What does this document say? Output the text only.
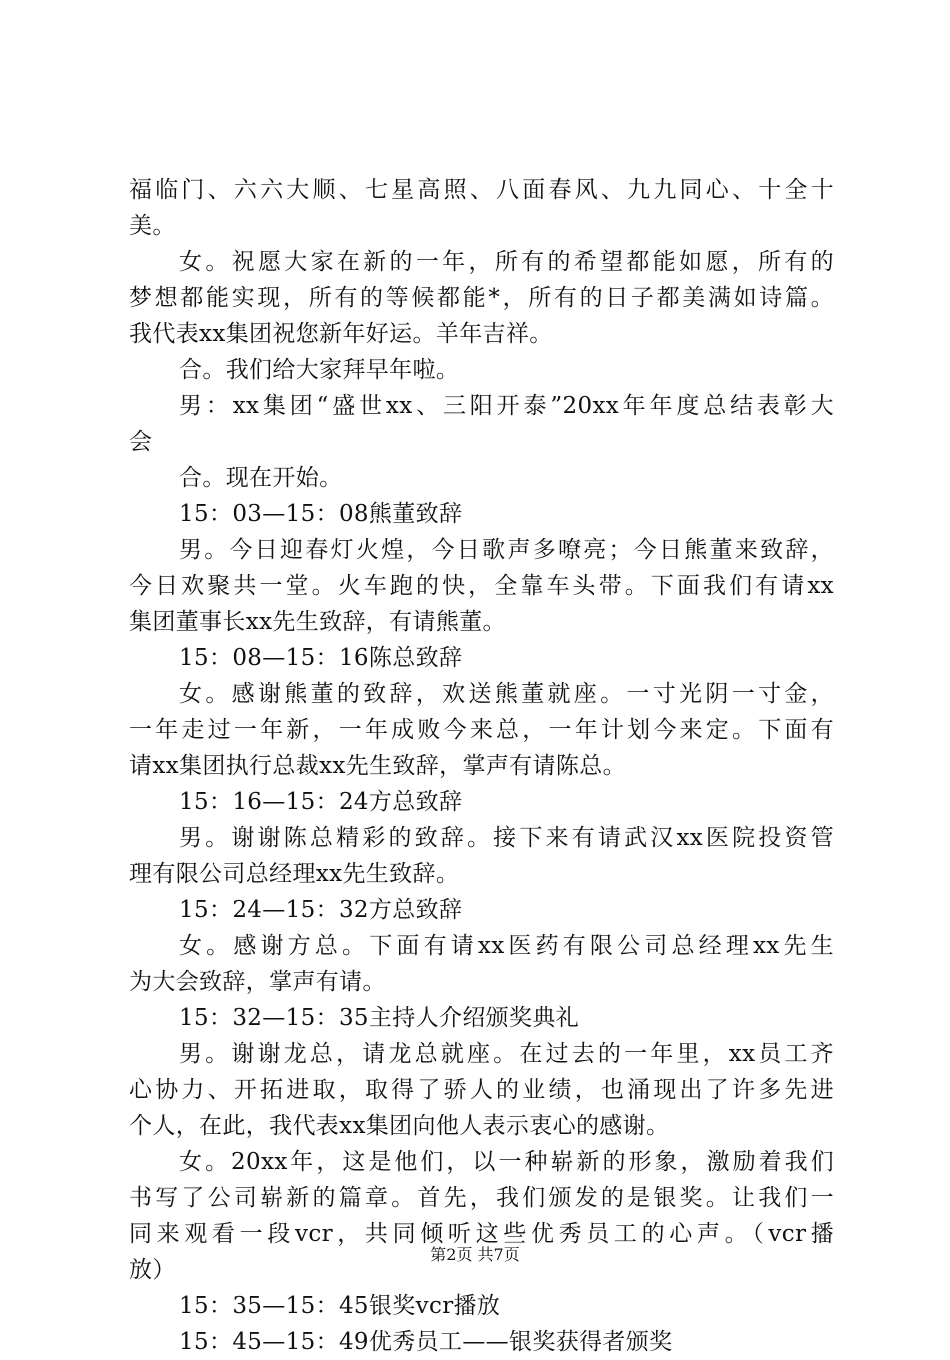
福临门、六六大顺、七星高照、八面春风、九九同心、十全十
美。
女。祝愿大家在新的一年，所有的希望都能如愿，所有的
梦想都能实现，所有的等候都能*，所有的日子都美满如诗篇。
我代表xx集团祝您新年好运。羊年吉祥。
合。我们给大家拜早年啦。
男：xx集团“盛世xx、三阳开泰”20xx年年度总结表彰大
会
合。现在开始。
15：03—15：08熊董致辞
男。今日迎春灯火煌，今日歌声多嘹亮；今日熊董来致辞，
今日欢聚共一堂。火车跑的快，全靠车头带。下面我们有请xx
集团董事长xx先生致辞，有请熊董。
15：08—15：16陈总致辞
女。感谢熊董的致辞，欢送熊董就座。一寸光阴一寸金，
一年走过一年新，一年成败今来总，一年计划今来定。下面有
请xx集团执行总裁xx先生致辞，掌声有请陈总。
15：16—15：24方总致辞
男。谢谢陈总精彩的致辞。接下来有请武汉xx医院投资管
理有限公司总经理xx先生致辞。
15：24—15：32方总致辞
女。感谢方总。下面有请xx医药有限公司总经理xx先生
为大会致辞，掌声有请。
15：32—15：35主持人介绍颁奖典礼
男。谢谢龙总，请龙总就座。在过去的一年里，xx员工齐
心协力、开拓进取，取得了骄人的业绩，也涌现出了许多先进
个人，在此，我代表xx集团向他人表示衷心的感谢。
女。20xx年，这是他们，以一种崭新的形象，激励着我们
书写了公司崭新的篇章。首先，我们颁发的是银奖。让我们一
同来观看一段vcr，共同倾听这些优秀员工的心声。（vcr播
放）
15：35—15：45银奖vcr播放
15：45—15：49优秀员工——银奖获得者颁奖
第2页 共7页
